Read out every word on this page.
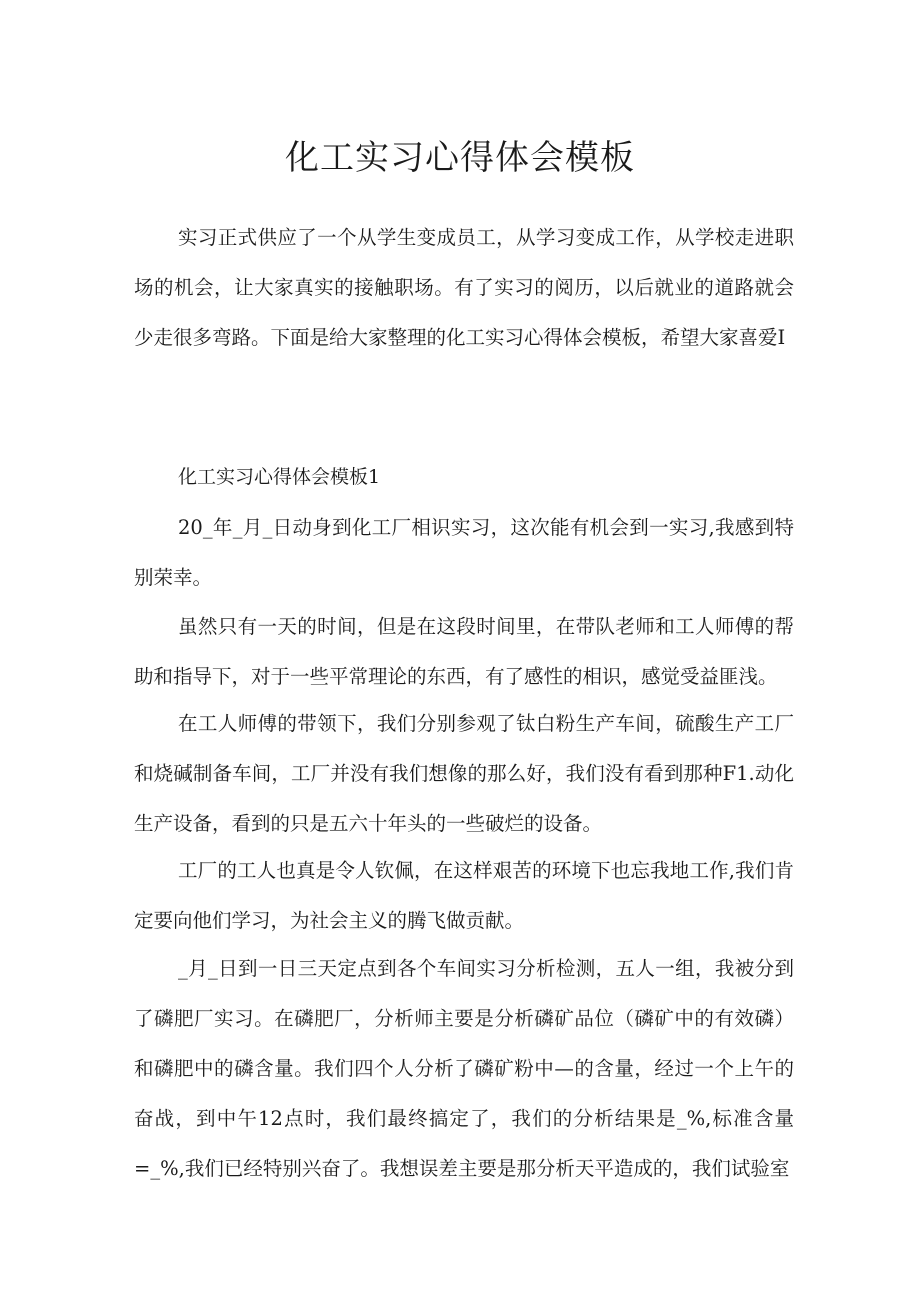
化工实习心得体会模板

实习正式供应了一个从学生变成员工，从学习变成工作，从学校走进职场的机会，让大家真实的接触职场。有了实习的阅历，以后就业的道路就会少走很多弯路。下面是给大家整理的化工实习心得体会模板，希望大家喜爱I

化工实习心得体会模板1

20_年_月_日动身到化工厂相识实习，这次能有机会到一实习,我感到特别荣幸。

虽然只有一天的时间，但是在这段时间里，在带队老师和工人师傅的帮助和指导下，对于一些平常理论的东西，有了感性的相识，感觉受益匪浅。

在工人师傅的带领下，我们分别参观了钛白粉生产车间，硫酸生产工厂和烧碱制备车间，工厂并没有我们想像的那么好，我们没有看到那种F1.动化生产设备，看到的只是五六十年头的一些破烂的设备。

工厂的工人也真是令人钦佩，在这样艰苦的环境下也忘我地工作,我们肯定要向他们学习，为社会主义的腾飞做贡献。

_月_日到一日三天定点到各个车间实习分析检测，五人一组，我被分到了磷肥厂实习。在磷肥厂，分析师主要是分析磷矿品位（磷矿中的有效磷）和磷肥中的磷含量。我们四个人分析了磷矿粉中—的含量，经过一个上午的奋战，到中午12点时，我们最终搞定了，我们的分析结果是_%,标准含量=_%,我们已经特别兴奋了。我想误差主要是那分析天平造成的，我们试验室
